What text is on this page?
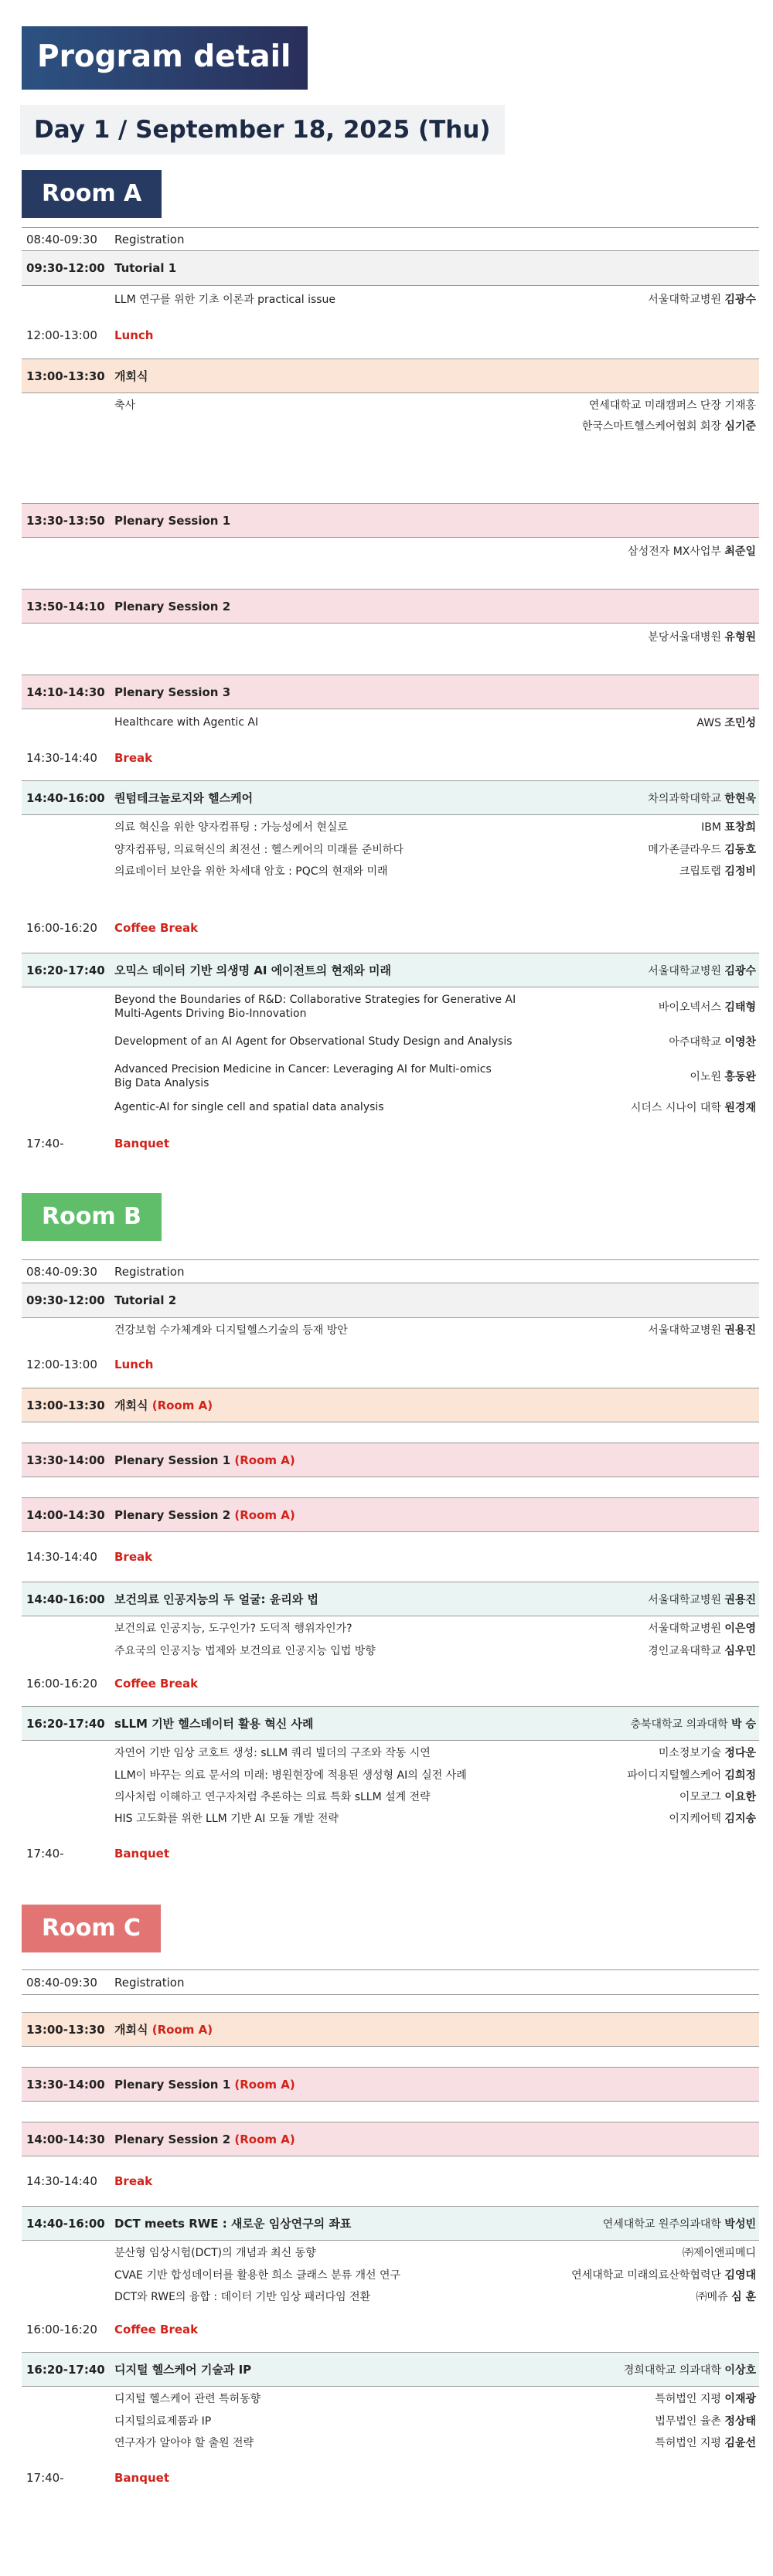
Program detail
Day 1 / September 18, 2025 (Thu)
Room A
08:40-09:30	Registration
09:30-12:00 Tutorial 1
LLM 연구를 위한 기초 이론과 practical issue	서울대학교병원 김광수
12:00-13:00	Lunch
13:00-13:30 개회식
축사	연세대학교 미래캠퍼스 단장 기재홍
한국스마트헬스케어협회 회장 심기준
13:30-13:50 Plenary Session 1
삼성전자 MX사업부 최준일
13:50-14:10 Plenary Session 2
분당서울대병원 유형원
14:10-14:30 Plenary Session 3
Healthcare with Agentic AI	AWS 조민성
14:30-14:40	Break
14:40-16:00 퀀텀테크놀로지와 헬스케어	차의과학대학교 한현욱
의료 혁신을 위한 양자컴퓨팅 : 가능성에서 현실로	IBM 표창희
양자컴퓨팅, 의료혁신의 최전선 : 헬스케어의 미래를 준비하다	메가존클라우드 김동호
의료데이터 보안을 위한 차세대 암호 : PQC의 현재와 미래	크립토랩 김정비
16:00-16:20	Coffee Break
16:20-17:40 오믹스 데이터 기반 의생명 AI 에이전트의 현재와 미래	서울대학교병원 김광수
Beyond the Boundaries of R&D: Collaborative Strategies for Generative AI
Multi-Agents Driving Bio-Innovation	바이오넥서스 김태형
Development of an AI Agent for Observational Study Design and Analysis	아주대학교 이영찬
Advanced Precision Medicine in Cancer: Leveraging AI for Multi-omics
Big Data Analysis	이노원 홍동완
Agentic-AI for single cell and spatial data analysis	시더스 시나이 대학 원경재
17:40-	Banquet
Room B
08:40-09:30	Registration
09:30-12:00 Tutorial 2
건강보험 수가체계와 디지털헬스기술의 등재 방안	서울대학교병원 권용진
12:00-13:00	Lunch
13:00-13:30 개회식 (Room A)
13:30-14:00 Plenary Session 1 (Room A)
14:00-14:30 Plenary Session 2 (Room A)
14:30-14:40	Break
14:40-16:00 보건의료 인공지능의 두 얼굴: 윤리와 법	서울대학교병원 권용진
보건의료 인공지능, 도구인가? 도덕적 행위자인가?	서울대학교병원 이은영
주요국의 인공지능 법제와 보건의료 인공지능 입법 방향	경인교육대학교 심우민
16:00-16:20	Coffee Break
16:20-17:40 sLLM 기반 헬스데이터 활용 혁신 사례	충북대학교 의과대학 박 승
자연어 기반 임상 코호트 생성: sLLM 쿼리 빌더의 구조와 작동 시연	미소정보기술 정다운
LLM이 바꾸는 의료 문서의 미래: 병원현장에 적용된 생성형 AI의 실전 사례	파이디지털헬스케어 김희정
의사처럼 이해하고 연구자처럼 추론하는 의료 특화 sLLM 설계 전략	이모코그 이요한
HIS 고도화를 위한 LLM 기반 AI 모듈 개발 전략	이지케어텍 김지송
17:40-	Banquet
Room C
08:40-09:30	Registration
13:00-13:30 개회식 (Room A)
13:30-14:00 Plenary Session 1 (Room A)
14:00-14:30 Plenary Session 2 (Room A)
14:30-14:40	Break
14:40-16:00 DCT meets RWE : 새로운 임상연구의 좌표	연세대학교 원주의과대학 박성빈
분산형 임상시험(DCT)의 개념과 최신 동향	㈜제이앤피메디
CVAE 기반 합성데이터를 활용한 희소 클래스 분류 개선 연구	연세대학교 미래의료산학협력단 김영대
DCT와 RWE의 융합 : 데이터 기반 임상 패러다임 전환	㈜메쥬 심 훈
16:00-16:20	Coffee Break
16:20-17:40 디지털 헬스케어 기술과 IP	경희대학교 의과대학 이상호
디지털 헬스케어 관련 특허동향	특허법인 지평 이재광
디지털의료제품과 IP	법무법인 율촌 정상태
연구자가 알아야 할 출원 전략	특허법인 지평 김윤선
17:40-	Banquet
